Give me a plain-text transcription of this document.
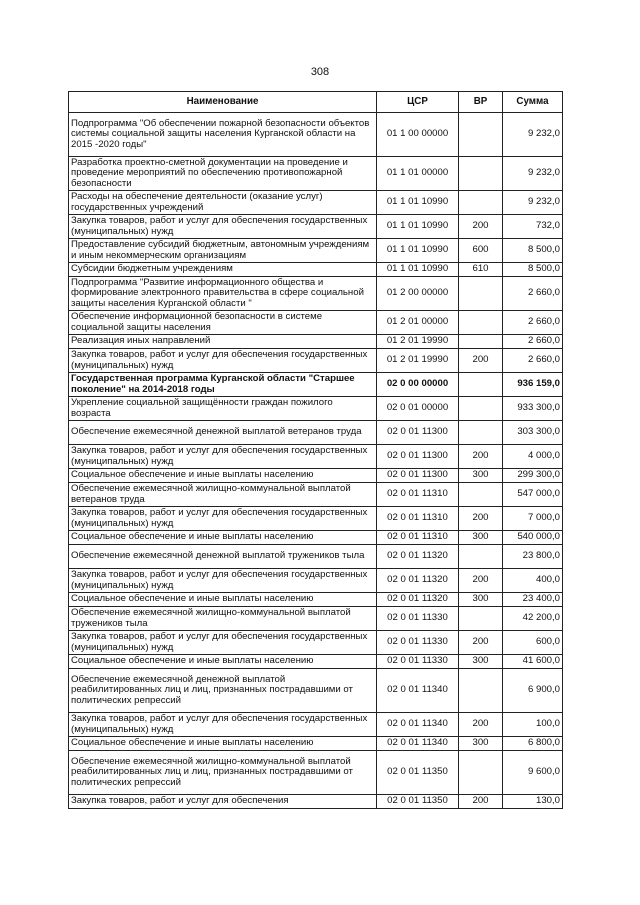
308
Наименование	ЦСР	ВР	Сумма
Подпрограмма "Об обеспечении пожарной безопасности объектов системы социальной защиты населения Курганской области на 2015 -2020 годы"	01 1 00 00000		9 232,0
Разработка проектно-сметной документации на проведение и проведение мероприятий по обеспечению противопожарной безопасности	01 1 01 00000		9 232,0
Расходы на обеспечение деятельности (оказание услуг) государственных учреждений	01 1 01 10990		9 232,0
Закупка товаров, работ и услуг для обеспечения государственных (муниципальных) нужд	01 1 01 10990	200	732,0
Предоставление субсидий бюджетным, автономным учреждениям и иным некоммерческим организациям	01 1 01 10990	600	8 500,0
Субсидии бюджетным учреждениям	01 1 01 10990	610	8 500,0
Подпрограмма "Развитие информационного общества и формирование электронного правительства в сфере социальной защиты населения Курганской области "	01 2 00 00000		2 660,0
Обеспечение информационной безопасности в системе социальной защиты населения	01 2 01 00000		2 660,0
Реализация иных направлений	01 2 01 19990		2 660,0
Закупка товаров, работ и услуг для обеспечения государственных (муниципальных) нужд	01 2 01 19990	200	2 660,0
Государственная программа Курганской области "Старшее поколение" на 2014-2018 годы	02 0 00 00000		936 159,0
Укрепление социальной защищённости граждан пожилого возраста	02 0 01 00000		933 300,0
Обеспечение ежемесячной денежной выплатой ветеранов труда	02 0 01 11300		303 300,0
Закупка товаров, работ и услуг для обеспечения государственных (муниципальных) нужд	02 0 01 11300	200	4 000,0
Социальное обеспечение и иные выплаты населению	02 0 01 11300	300	299 300,0
Обеспечение ежемесячной жилищно-коммунальной выплатой ветеранов труда	02 0 01 11310		547 000,0
Закупка товаров, работ и услуг для обеспечения государственных (муниципальных) нужд	02 0 01 11310	200	7 000,0
Социальное обеспечение и иные выплаты населению	02 0 01 11310	300	540 000,0
Обеспечение ежемесячной денежной выплатой тружеников тыла	02 0 01 11320		23 800,0
Закупка товаров, работ и услуг для обеспечения государственных (муниципальных) нужд	02 0 01 11320	200	400,0
Социальное обеспечение и иные выплаты населению	02 0 01 11320	300	23 400,0
Обеспечение ежемесячной жилищно-коммунальной выплатой тружеников тыла	02 0 01 11330		42 200,0
Закупка товаров, работ и услуг для обеспечения государственных (муниципальных) нужд	02 0 01 11330	200	600,0
Социальное обеспечение и иные выплаты населению	02 0 01 11330	300	41 600,0
Обеспечение ежемесячной денежной выплатой реабилитированных лиц и лиц, признанных пострадавшими от политических репрессий	02 0 01 11340		6 900,0
Закупка товаров, работ и услуг для обеспечения государственных (муниципальных) нужд	02 0 01 11340	200	100,0
Социальное обеспечение и иные выплаты населению	02 0 01 11340	300	6 800,0
Обеспечение ежемесячной жилищно-коммунальной выплатой реабилитированных лиц и лиц, признанных пострадавшими от политических репрессий	02 0 01 11350		9 600,0
Закупка товаров, работ и услуг для обеспечения	02 0 01 11350	200	130,0
